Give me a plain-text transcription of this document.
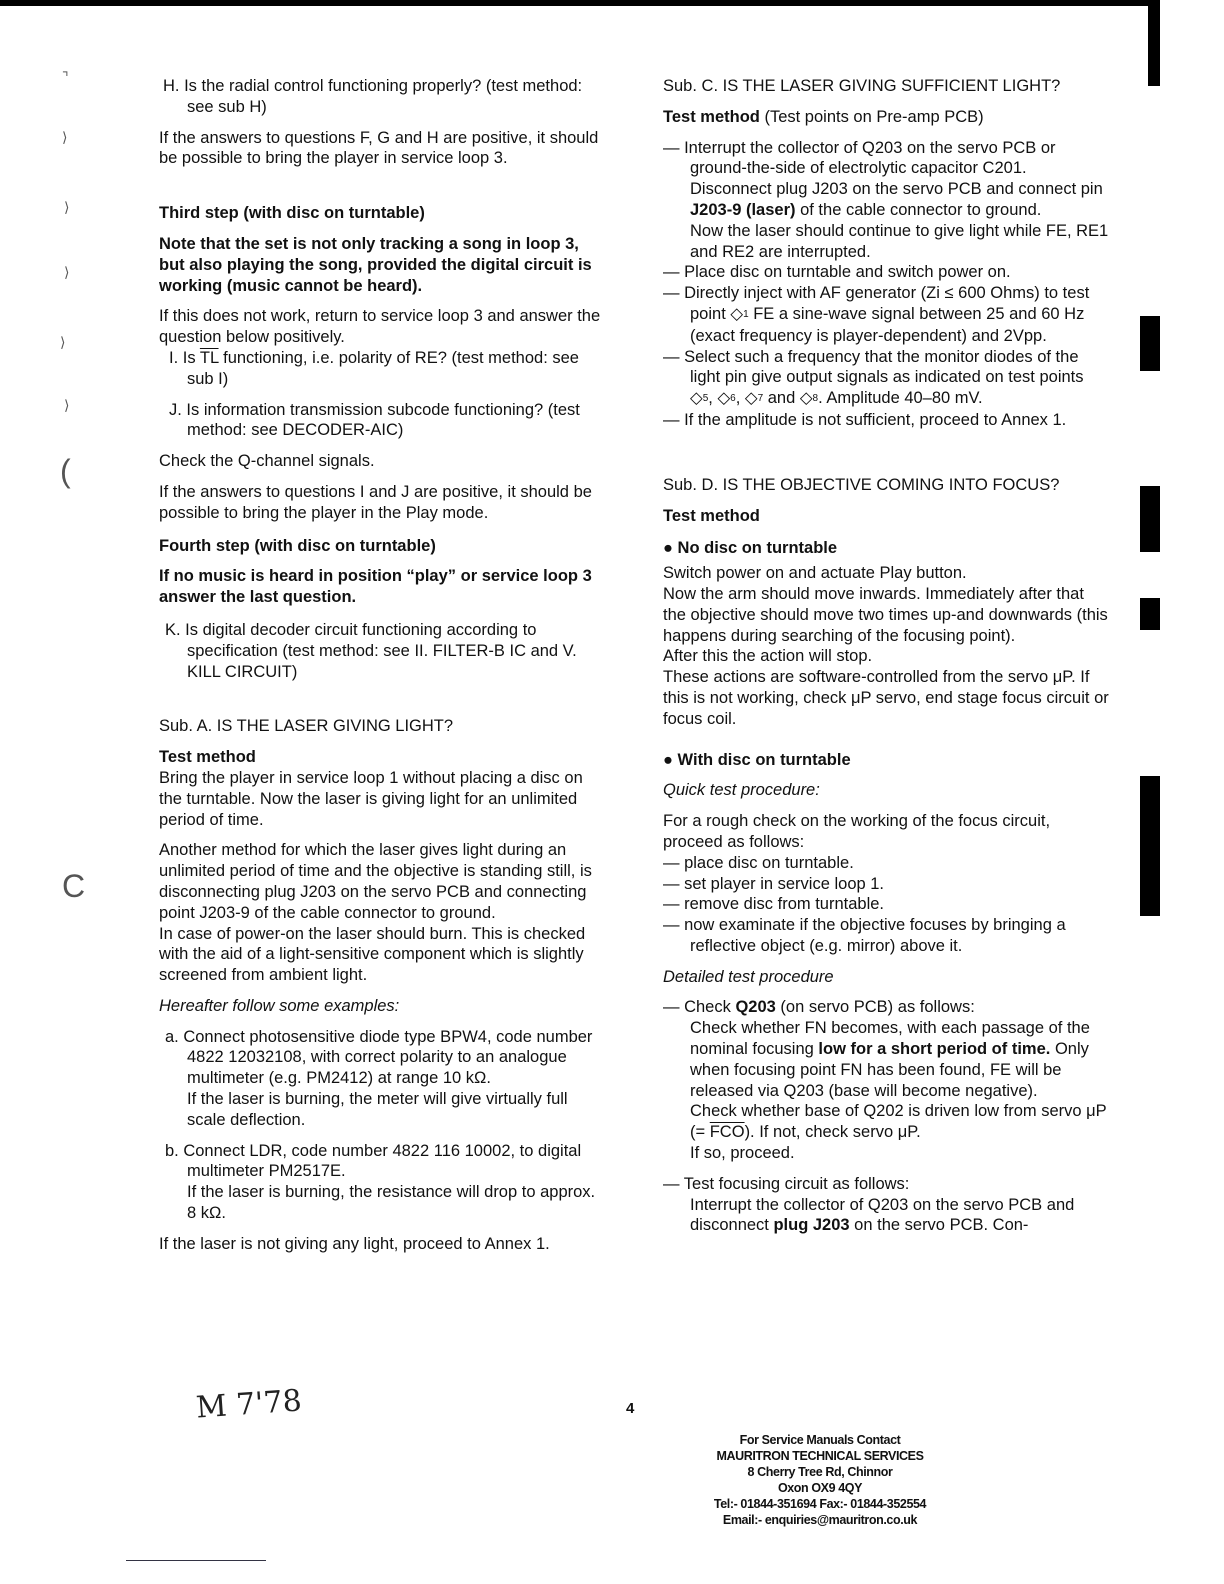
⌝
⟩
⟩
⟩
⟩
⟩
(
C

H. Is the radial control functioning properly? (test method: see sub H)

If the answers to questions F, G and H are positive, it should be possible to bring the player in service loop 3.

Third step (with disc on turntable)

Note that the set is not only tracking a song in loop 3, but also playing the song, provided the digital circuit is working (music cannot be heard).

If this does not work, return to service loop 3 and answer the question below positively.

I. Is $\overline{TL}$ functioning, i.e. polarity of RE? (test method: see sub I)

J. Is information transmission subcode functioning? (test method: see DECODER-AIC)

Check the Q-channel signals.

If the answers to questions I and J are positive, it should be possible to bring the player in the Play mode.

Fourth step (with disc on turntable)

If no music is heard in position “play” or service loop 3 answer the last question.

K. Is digital decoder circuit functioning according to specification (test method: see II. FILTER-B IC and V. KILL CIRCUIT)

Sub. A. IS THE LASER GIVING LIGHT?

Test method

Bring the player in service loop 1 without placing a disc on the turntable. Now the laser is giving light for an unlimited period of time.

Another method for which the laser gives light during an unlimited period of time and the objective is standing still, is disconnecting plug J203 on the servo PCB and connecting point J203-9 of the cable connector to ground.

In case of power-on the laser should burn. This is checked with the aid of a light-sensitive component which is slightly screened from ambient light.

Hereafter follow some examples:

a. Connect photosensitive diode type BPW4, code number 4822 12032108, with correct polarity to an analogue multimeter (e.g. PM2412) at range 10 kΩ.

If the laser is burning, the meter will give virtually full scale deflection.

b. Connect LDR, code number 4822 116 10002, to digital multimeter PM2517E.

If the laser is burning, the resistance will drop to approx. 8 kΩ.

If the laser is not giving any light, proceed to Annex 1.

Sub. C. IS THE LASER GIVING SUFFICIENT LIGHT?

Test method (Test points on Pre-amp PCB)

— Interrupt the collector of Q203 on the servo PCB or ground-the-side of electrolytic capacitor C201. Disconnect plug J203 on the servo PCB and connect pin J203-9 (laser) of the cable connector to ground.

Now the laser should continue to give light while FE, RE1 and RE2 are interrupted.

— Place disc on turntable and switch power on.

— Directly inject with AF generator (Zi ≤ 600 Ohms) to test point ◇1 FE a sine-wave signal between 25 and 60 Hz (exact frequency is player-dependent) and 2Vpp.

— Select such a frequency that the monitor diodes of the light pin give output signals as indicated on test points ◇5, ◇6, ◇7 and ◇8. Amplitude 40–80 mV.

— If the amplitude is not sufficient, proceed to Annex 1.

Sub. D. IS THE OBJECTIVE COMING INTO FOCUS?

Test method

● No disc on turntable

Switch power on and actuate Play button.

Now the arm should move inwards. Immediately after that the objective should move two times up-and downwards (this happens during searching of the focusing point).

After this the action will stop.

These actions are software-controlled from the servo μP. If this is not working, check μP servo, end stage focus circuit or focus coil.

● With disc on turntable

Quick test procedure:

For a rough check on the working of the focus circuit, proceed as follows:

— place disc on turntable.

— set player in service loop 1.

— remove disc from turntable.

— now examinate if the objective focuses by bringing a reflective object (e.g. mirror) above it.

Detailed test procedure

— Check Q203 (on servo PCB) as follows:

Check whether FN becomes, with each passage of the nominal focusing low for a short period of time. Only when focusing point FN has been found, FE will be released via Q203 (base will become negative).

Check whether base of Q202 is driven low from servo μP (= $\overline{FCO}$). If not, check servo μP.

If so, proceed.

— Test focusing circuit as follows:

Interrupt the collector of Q203 on the servo PCB and disconnect plug J203 on the servo PCB. Con-

4
M 7'78
For Service Manuals Contact
MAURITRON TECHNICAL SERVICES
8 Cherry Tree Rd, Chinnor
Oxon OX9 4QY
Tel:- 01844-351694 Fax:- 01844-352554
Email:- enquiries@mauritron.co.uk
